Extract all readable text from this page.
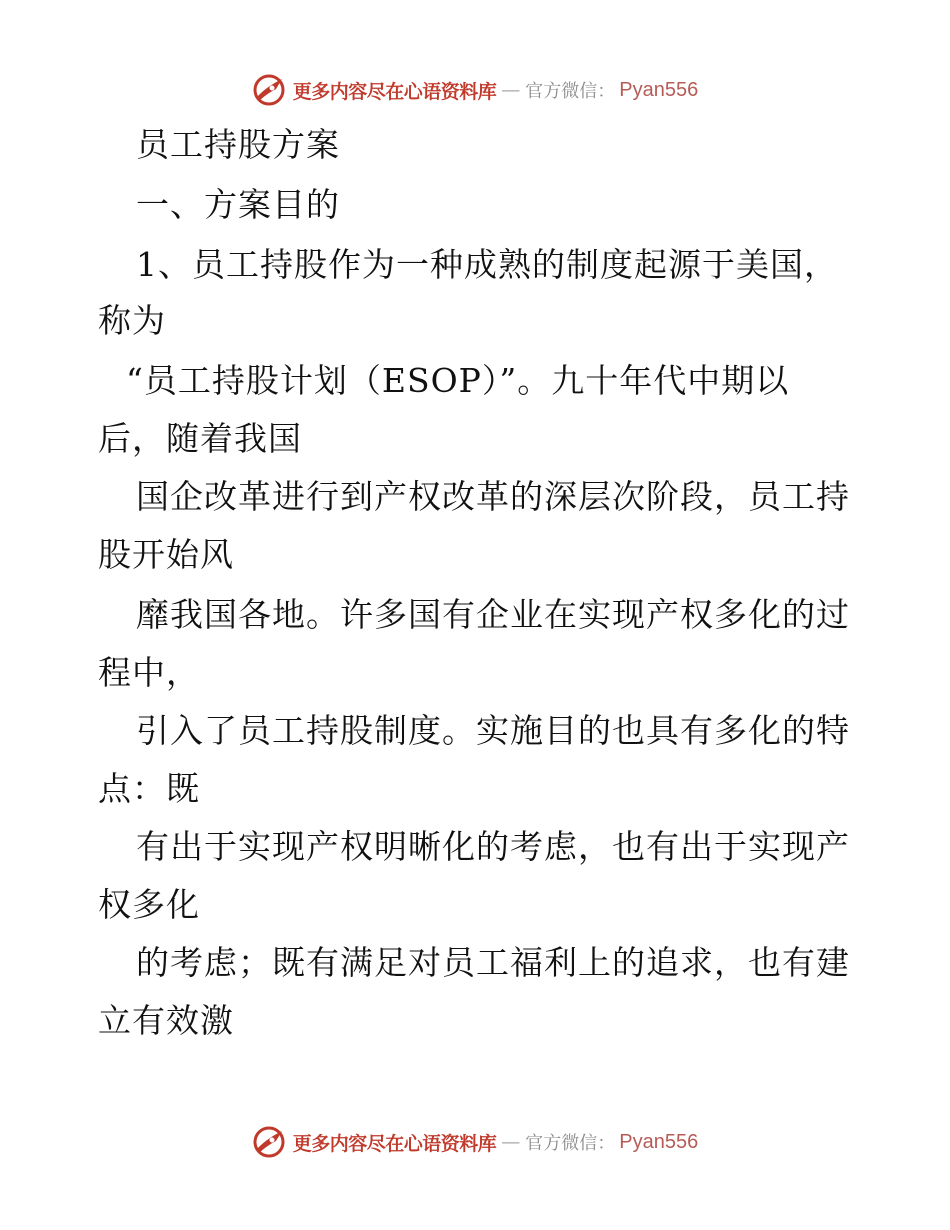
更多内容尽在心语资料库 — 官方微信： Pyan556
员工持股方案
一、方案目的
1、员工持股作为一种成熟的制度起源于美国，
称为
“员工持股计划（ESOP）”。九十年代中期以
后，随着我国
国企改革进行到产权改革的深层次阶段，员工持
股开始风
靡我国各地。许多国有企业在实现产权多化的过
程中，
引入了员工持股制度。实施目的也具有多化的特
点：既
有出于实现产权明晰化的考虑，也有出于实现产
权多化
的考虑；既有满足对员工福利上的追求，也有建
立有效激
更多内容尽在心语资料库 — 官方微信： Pyan556
